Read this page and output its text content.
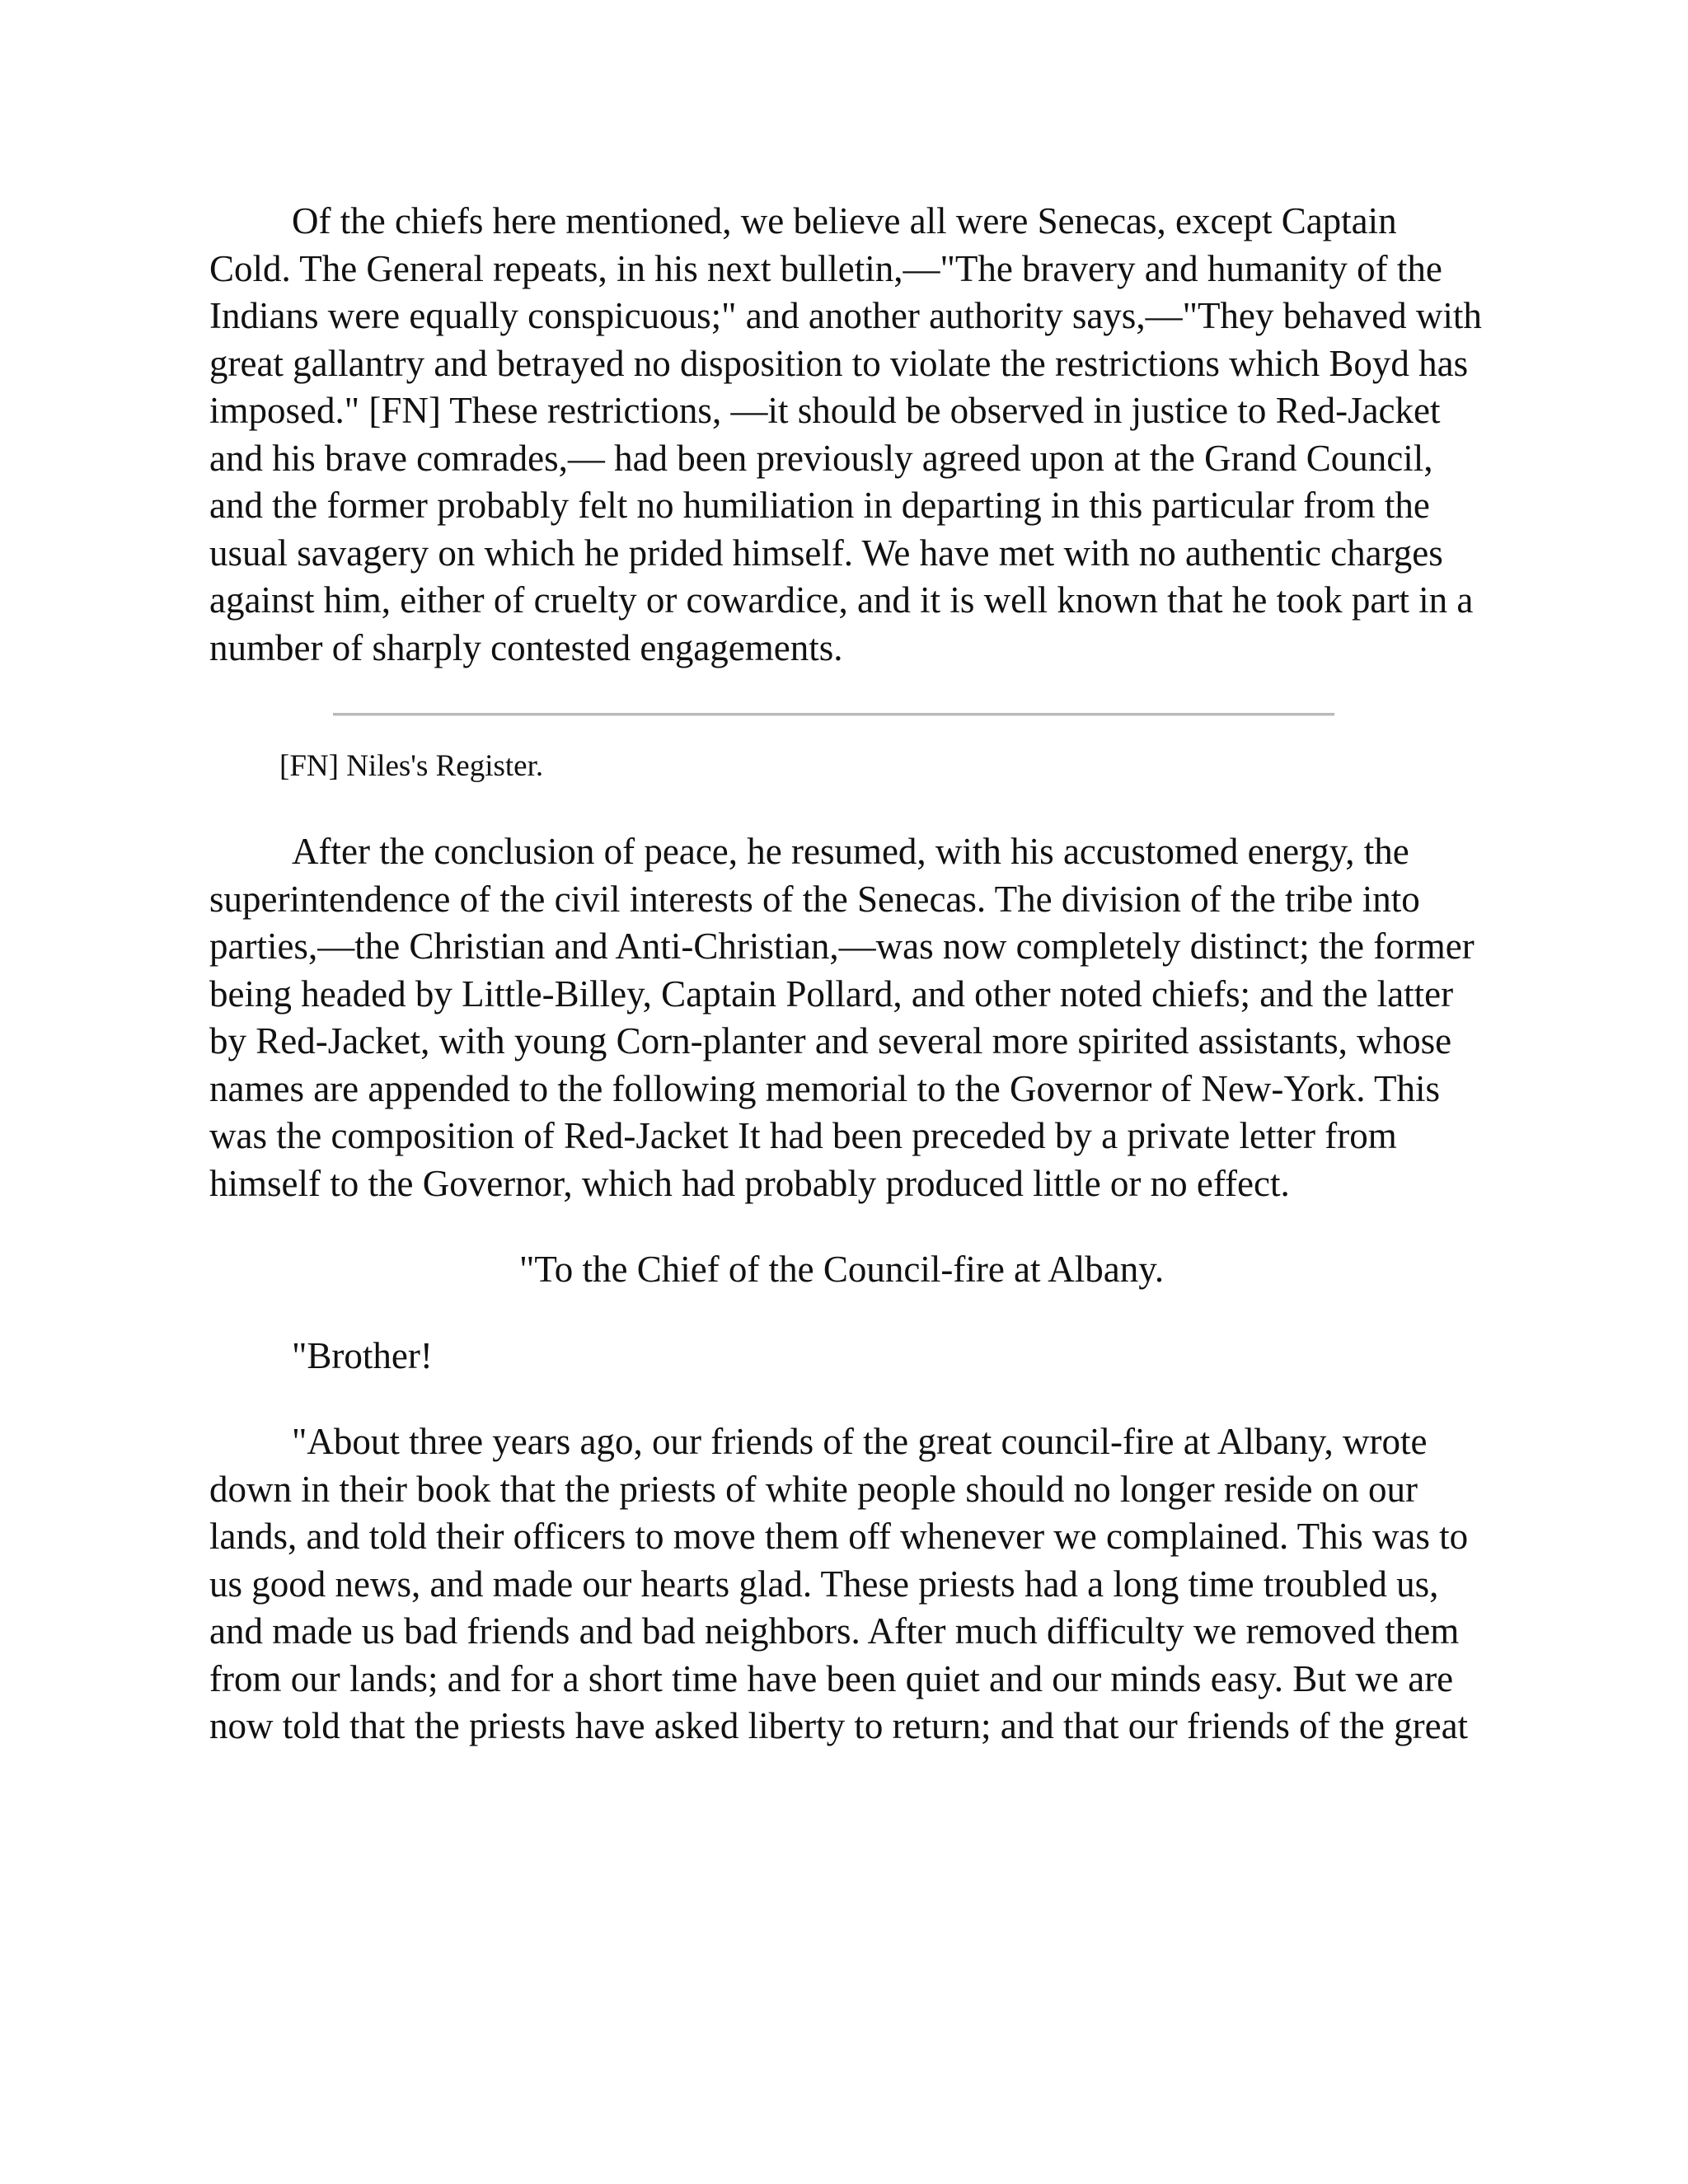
Of the chiefs here mentioned, we believe all were Senecas, except Captain Cold. The General repeats, in his next bulletin,—"The bravery and humanity of the Indians were equally conspicuous;" and another authority says,—"They behaved with great gallantry and betrayed no disposition to violate the restrictions which Boyd has imposed." [FN] These restrictions, —it should be observed in justice to Red-Jacket and his brave comrades,— had been previously agreed upon at the Grand Council, and the former probably felt no humiliation in departing in this particular from the usual savagery on which he prided himself. We have met with no authentic charges against him, either of cruelty or cowardice, and it is well known that he took part in a number of sharply contested engagements.

[FN] Niles's Register.

After the conclusion of peace, he resumed, with his accustomed energy, the superintendence of the civil interests of the Senecas. The division of the tribe into parties,—the Christian and Anti-Christian,—was now completely distinct; the former being headed by Little-Billey, Captain Pollard, and other noted chiefs; and the latter by Red-Jacket, with young Corn-planter and several more spirited assistants, whose names are appended to the following memorial to the Governor of New-York. This was the composition of Red-Jacket It had been preceded by a private letter from himself to the Governor, which had probably produced little or no effect.

"To the Chief of the Council-fire at Albany.

"Brother!

"About three years ago, our friends of the great council-fire at Albany, wrote down in their book that the priests of white people should no longer reside on our lands, and told their officers to move them off whenever we complained. This was to us good news, and made our hearts glad. These priests had a long time troubled us, and made us bad friends and bad neighbors. After much difficulty we removed them from our lands; and for a short time have been quiet and our minds easy. But we are now told that the priests have asked liberty to return; and that our friends of the great
